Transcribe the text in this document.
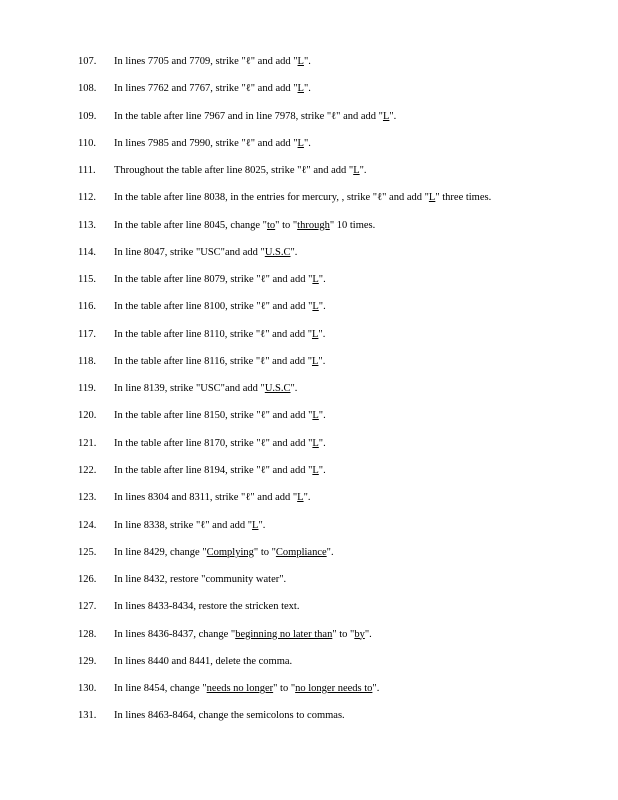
107.	In lines 7705 and 7709, strike "ℓ" and add "L".
108.	In lines 7762 and 7767, strike "ℓ" and add "L".
109.	In the table after line 7967 and in line 7978, strike "ℓ" and add "L".
110.	In lines 7985 and 7990, strike "ℓ" and add "L".
111.	Throughout the table after line 8025, strike "ℓ" and add "L".
112.	In the table after line 8038, in the entries for mercury, , strike "ℓ" and add "L" three times.
113.	In the table after line 8045, change "to" to "through" 10 times.
114.	In line 8047, strike "USC"and add "U.S.C".
115.	In the table after line 8079, strike "ℓ" and add "L".
116.	In the table after line 8100, strike "ℓ" and add "L".
117.	In the table after line 8110, strike "ℓ" and add "L".
118.	In the table after line 8116, strike "ℓ" and add "L".
119.	In line 8139, strike "USC"and add "U.S.C".
120.	In the table after line 8150, strike "ℓ" and add "L".
121.	In the table after line 8170, strike "ℓ" and add "L".
122.	In the table after line 8194, strike "ℓ" and add "L".
123.	In lines 8304 and 8311, strike "ℓ" and add "L".
124.	In line 8338, strike "ℓ" and add "L".
125.	In line 8429, change "Complying" to "Compliance".
126.	In line 8432, restore "community water".
127.	In lines 8433-8434, restore the stricken text.
128.	In lines 8436-8437, change "beginning no later than" to "by".
129.	In lines 8440 and 8441, delete the comma.
130.	In line 8454, change "needs no longer" to "no longer needs to".
131.	In lines 8463-8464, change the semicolons to commas.
